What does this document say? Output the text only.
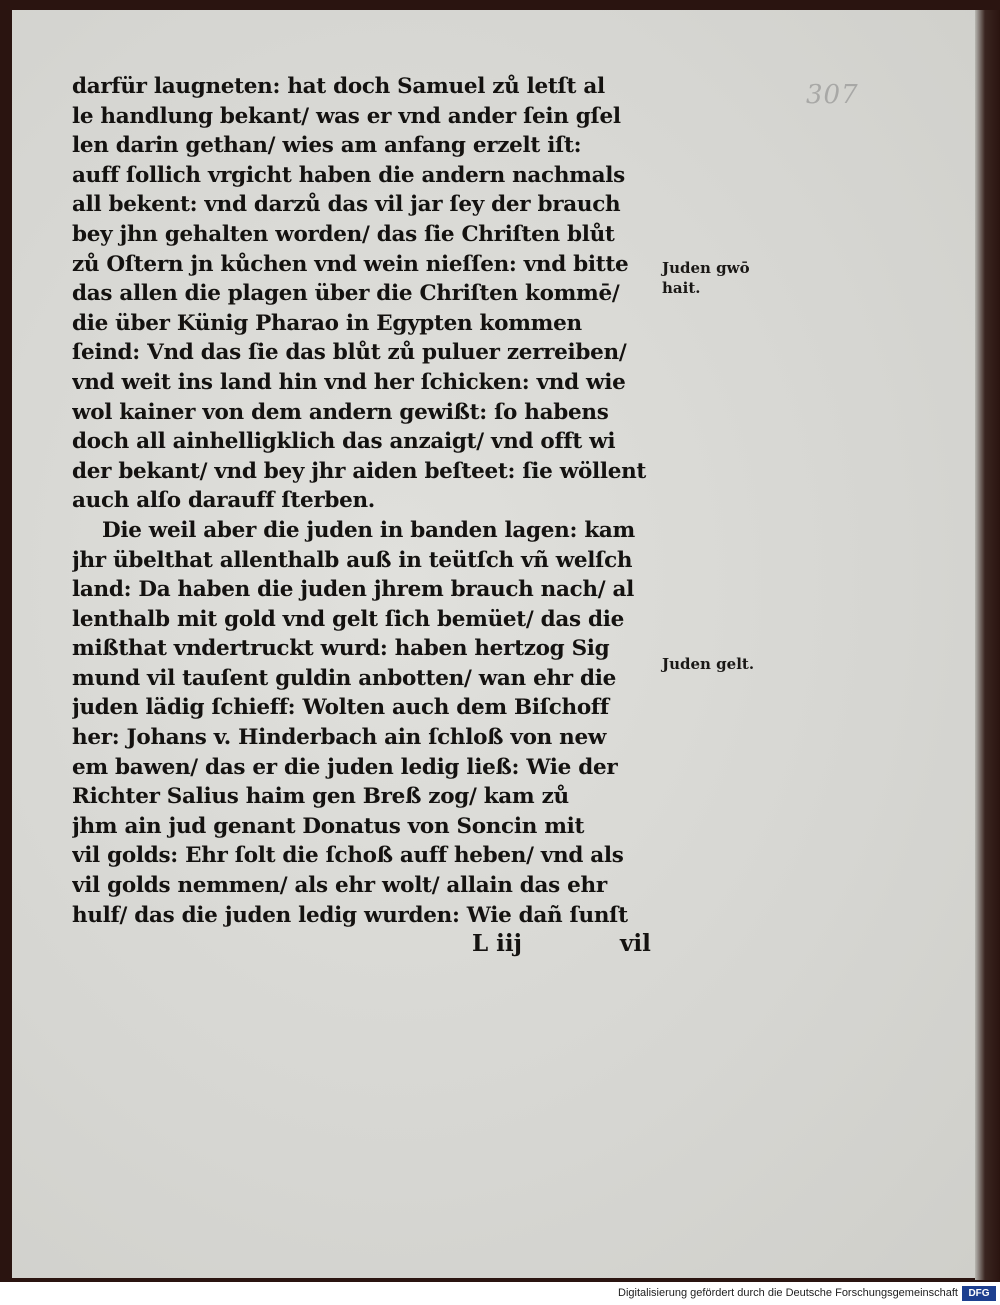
307
darfür laugneten: hat doch Samuel zů letſt al
le handlung bekant/ was er vnd ander ſein gſel
len darin gethan/ wies am anfang erzelt iſt:
auff ſollich vrgicht haben die andern nachmals
all bekent: vnd darzů das vil jar ſey der brauch
bey jhn gehalten worden/ das ſie Chriſten blůt
zů Oſtern jn kůchen vnd wein nieſſen: vnd bitte
das allen die plagen über die Chriſten kommē/
die über Künig Pharao in Egypten kommen
ſeind: Vnd das ſie das blůt zů puluer zerreiben/
vnd weit ins land hin vnd her ſchicken: vnd wie
wol kainer von dem andern gewißt: ſo habens
doch all ainhelligklich das anzaigt/ vnd offt wi
der bekant/ vnd bey jhr aiden beſteet: ſie wöllent
auch alſo darauff ſterben.
Die weil aber die juden in banden lagen: kam
jhr übelthat allenthalb auß in teütſch vñ welſch
land: Da haben die juden jhrem brauch nach/ al
lenthalb mit gold vnd gelt ſich bemüet/ das die
mißthat vndertruckt wurd: haben hertzog Sig
mund vil tauſent guldin anbotten/ wan ehr die
juden lädig ſchieff: Wolten auch dem Biſchoff
her: Johans v. Hinderbach ain ſchloß von new
em bawen/ das er die juden ledig ließ: Wie der
Richter Salius haim gen Breß zog/ kam zů
jhm ain jud genant Donatus von Soncin mit
vil golds: Ehr ſolt die ſchoß auff heben/ vnd als
vil golds nemmen/ als ehr wolt/ allain das ehr
hulf/ das die juden ledig wurden: Wie dañ ſunſt
L iij	vil
Juden gwō
hait.
Juden gelt.
Digitalisierung gefördert durch die Deutsche Forschungsgemeinschaft	DFG
